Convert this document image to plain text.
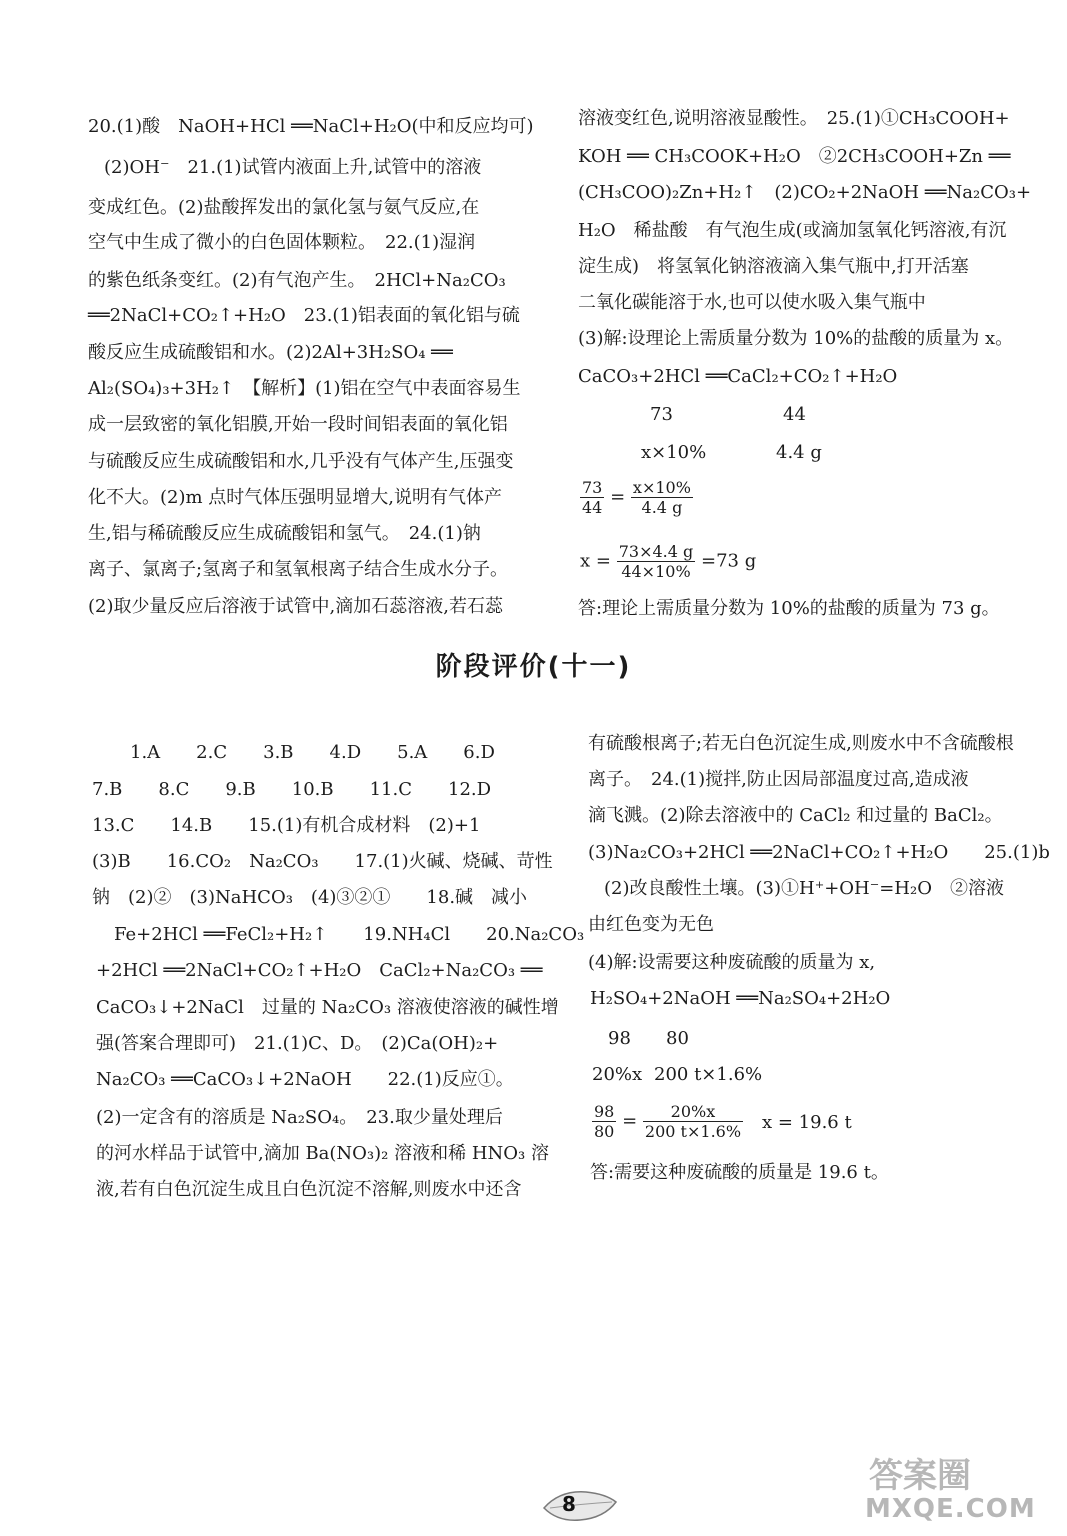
20.(1)酸　NaOH+HCl ══NaCl+H₂O(中和反应均可)
(2)OH⁻　21.(1)试管内液面上升,试管中的溶液
变成红色。(2)盐酸挥发出的氯化氢与氨气反应,在
空气中生成了微小的白色固体颗粒。　22.(1)湿润
的紫色纸条变红。(2)有气泡产生。　2HCl+Na₂CO₃
══2NaCl+CO₂↑+H₂O　23.(1)铝表面的氧化铝与硫
酸反应生成硫酸铝和水。(2)2Al+3H₂SO₄ ══
Al₂(SO₄)₃+3H₂↑　【解析】(1)铝在空气中表面容易生
成一层致密的氧化铝膜,开始一段时间铝表面的氧化铝
与硫酸反应生成硫酸铝和水,几乎没有气体产生,压强变
化不大。(2)m 点时气体压强明显增大,说明有气体产
生,铝与稀硫酸反应生成硫酸铝和氢气。　24.(1)钠
离子、氯离子;氢离子和氢氧根离子结合生成水分子。
(2)取少量反应后溶液于试管中,滴加石蕊溶液,若石蕊
溶液变红色,说明溶液显酸性。　25.(1)①CH₃COOH+
KOH ══ CH₃COOK+H₂O　②2CH₃COOH+Zn ══
(CH₃COO)₂Zn+H₂↑　(2)CO₂+2NaOH ══Na₂CO₃+
H₂O　稀盐酸　有气泡生成(或滴加氢氧化钙溶液,有沉
淀生成)　将氢氧化钠溶液滴入集气瓶中,打开活塞
二氧化碳能溶于水,也可以使水吸入集气瓶中
(3)解:设理论上需质量分数为 10%的盐酸的质量为 x。
CaCO₃+2HCl ══CaCl₂+CO₂↑+H₂O
73	44
x×10%	4.4 g
$\frac{73}{44} = \frac{x\times 10\%}{4.4 g}$
$x = \frac{73\times 4.4 g}{44\times 10\%} =73$ g
答:理论上需质量分数为 10%的盐酸的质量为 73 g。
阶段评价(十一)
1.A　　2.C　　3.B　　4.D　　5.A　　6.D
7.B　　8.C　　9.B　　10.B　　11.C　　12.D
13.C　　14.B　　15.(1)有机合成材料　(2)+1
(3)B　　16.CO₂　Na₂CO₃　　17.(1)火碱、烧碱、苛性
钠　(2)②　(3)NaHCO₃　(4)③②①　　18.碱　减小
Fe+2HCl ══FeCl₂+H₂↑　　19.NH₄Cl　　20.Na₂CO₃
+2HCl ══2NaCl+CO₂↑+H₂O　CaCl₂+Na₂CO₃ ══
CaCO₃↓+2NaCl　过量的 Na₂CO₃ 溶液使溶液的碱性增
强(答案合理即可)　21.(1)C、D。　(2)Ca(OH)₂+
Na₂CO₃ ══CaCO₃↓+2NaOH　　22.(1)反应①。
(2)一定含有的溶质是 Na₂SO₄。　23.取少量处理后
的河水样品于试管中,滴加 Ba(NO₃)₂ 溶液和稀 HNO₃ 溶
液,若有白色沉淀生成且白色沉淀不溶解,则废水中还含
有硫酸根离子;若无白色沉淀生成,则废水中不含硫酸根
离子。　24.(1)搅拌,防止因局部温度过高,造成液
滴飞溅。(2)除去溶液中的 CaCl₂ 和过量的 BaCl₂。
(3)Na₂CO₃+2HCl ══2NaCl+CO₂↑+H₂O　　25.(1)b
(2)改良酸性土壤。(3)①H⁺+OH⁻=H₂O　②溶液
由红色变为无色
(4)解:设需要这种废硫酸的质量为 x,
H₂SO₄+2NaOH ══Na₂SO₄+2H₂O
98 80
20%x 200 t×1.6%
$\frac{98}{80} = \frac{20\%x}{200 t\times 1.6\%}$ x = 19.6 t
答:需要这种废硫酸的质量是 19.6 t。
8
答案圈
MXQE.COM
